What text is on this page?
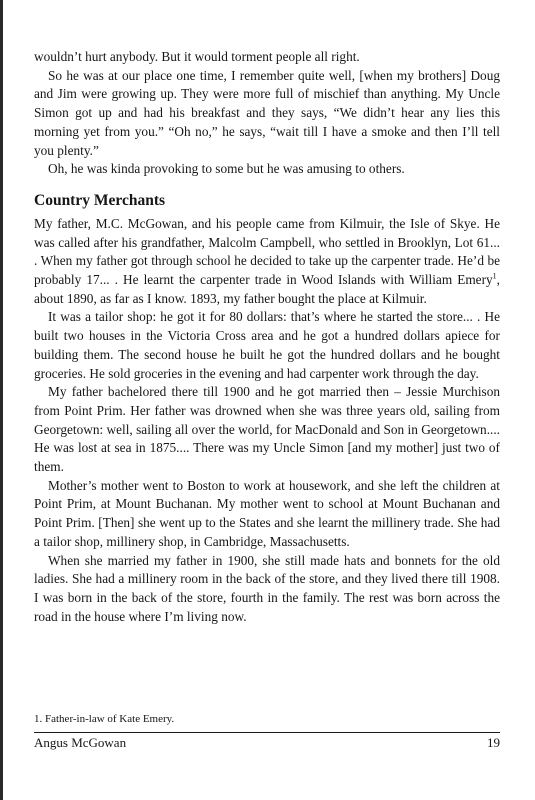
wouldn’t hurt anybody. But it would torment people all right.

So he was at our place one time, I remember quite well, [when my brothers] Doug and Jim were growing up. They were more full of mischief than anything. My Uncle Simon got up and had his breakfast and they says, “We didn’t hear any lies this morning yet from you.” “Oh no,” he says, “wait till I have a smoke and then I’ll tell you plenty.”

Oh, he was kinda provoking to some but he was amusing to others.

Country Merchants

My father, M.C. McGowan, and his people came from Kilmuir, the Isle of Skye. He was called after his grandfather, Malcolm Campbell, who settled in Brooklyn, Lot 61... . When my father got through school he decided to take up the carpenter trade. He’d be probably 17... . He learnt the carpenter trade in Wood Islands with William Emery$^1$, about 1890, as far as I know. 1893, my father bought the place at Kilmuir.

It was a tailor shop: he got it for 80 dollars: that’s where he started the store... . He built two houses in the Victoria Cross area and he got a hundred dollars apiece for building them. The second house he built he got the hundred dollars and he bought groceries. He sold groceries in the evening and had carpenter work through the day.

My father bachelored there till 1900 and he got married then – Jessie Murchison from Point Prim. Her father was drowned when she was three years old, sailing from Georgetown: well, sailing all over the world, for MacDonald and Son in Georgetown.... He was lost at sea in 1875.... There was my Uncle Simon [and my mother] just two of them.

Mother’s mother went to Boston to work at housework, and she left the children at Point Prim, at Mount Buchanan. My mother went to school at Mount Buchanan and Point Prim. [Then] she went up to the States and she learnt the millinery trade. She had a tailor shop, millinery shop, in Cambridge, Massachusetts.

When she married my father in 1900, she still made hats and bonnets for the old ladies. She had a millinery room in the back of the store, and they lived there till 1908. I was born in the back of the store, fourth in the family. The rest was born across the road in the house where I’m living now.

1. Father-in-law of Kate Emery.
Angus McGowan	19
